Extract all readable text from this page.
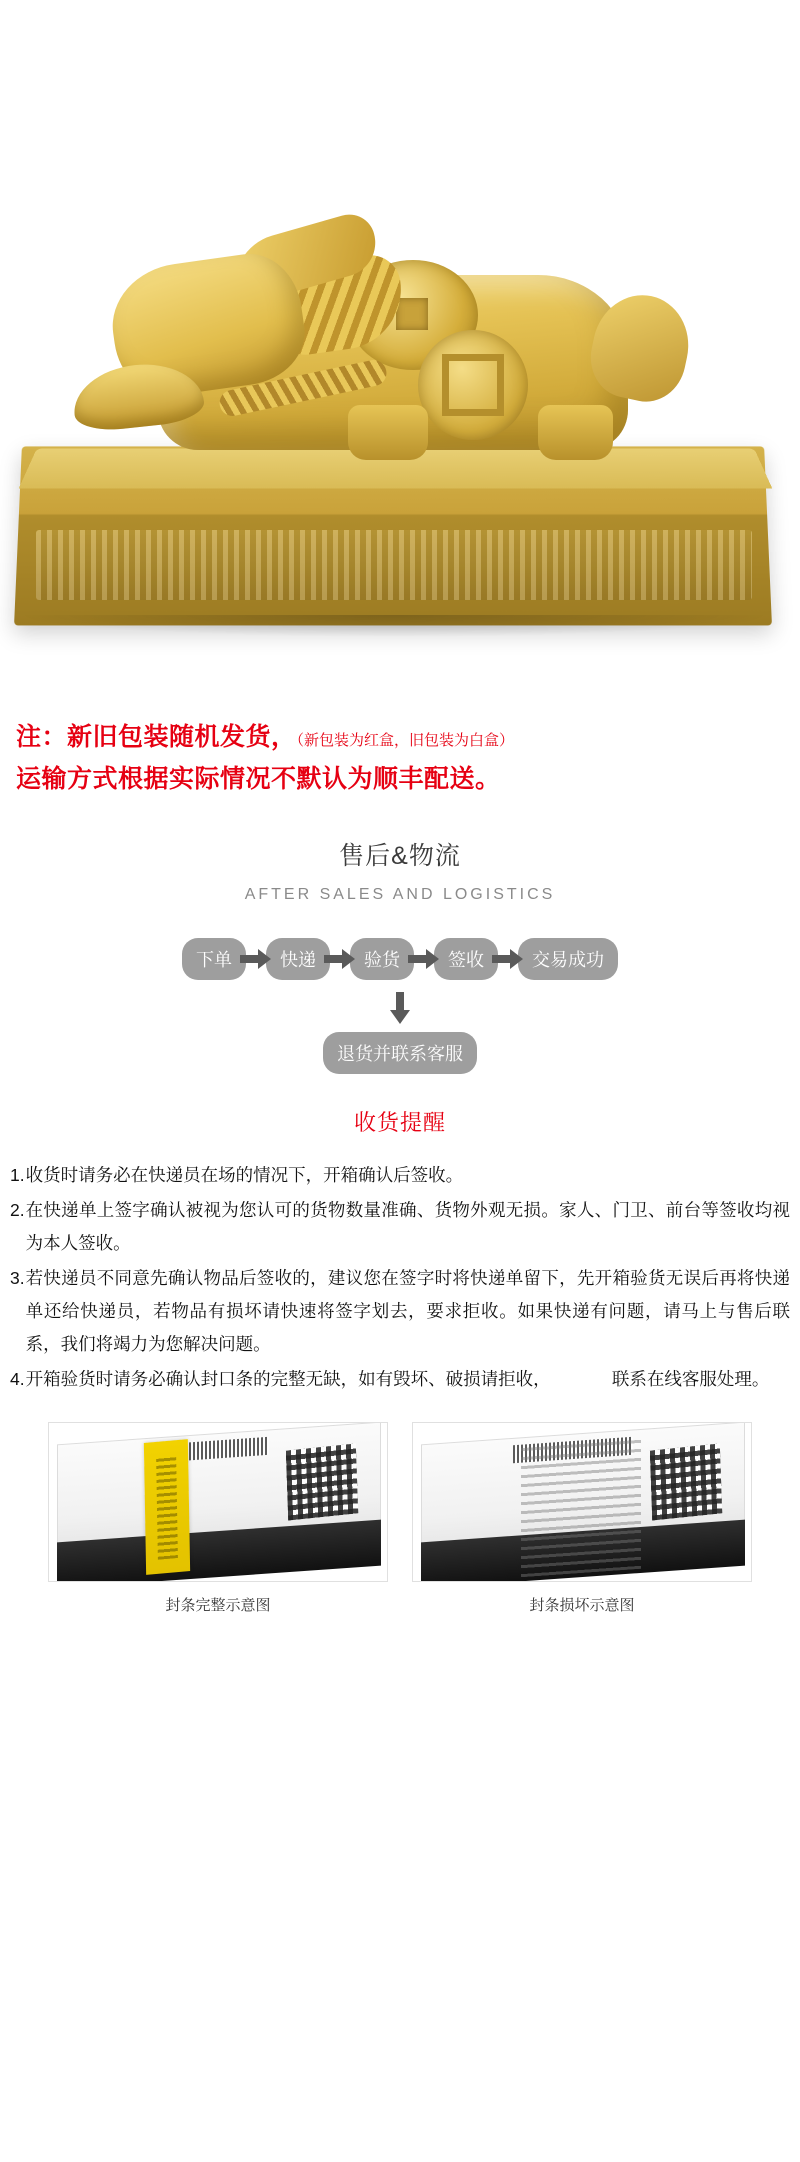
注：新旧包装随机发货，（新包装为红盒，旧包装为白盒）
运输方式根据实际情况不默认为顺丰配送。
售后&物流
AFTER SALES AND LOGISTICS
下单	快递	验货	签收	交易成功
退货并联系客服
收货提醒
1. 收货时请务必在快递员在场的情况下，开箱确认后签收。
2. 在快递单上签字确认被视为您认可的货物数量准确、货物外观无损。家人、门卫、前台等签收均视为本人签收。
3. 若快递员不同意先确认物品后签收的，建议您在签字时将快递单留下，先开箱验货无误后再将快递单还给快递员，若物品有损坏请快速将签字划去，要求拒收。如果快递有问题，请马上与售后联系，我们将竭力为您解决问题。
4. 开箱验货时请务必确认封口条的完整无缺，如有毁坏、破损请拒收，　　　　联系在线客服处理。
封条完整示意图	封条损坏示意图
